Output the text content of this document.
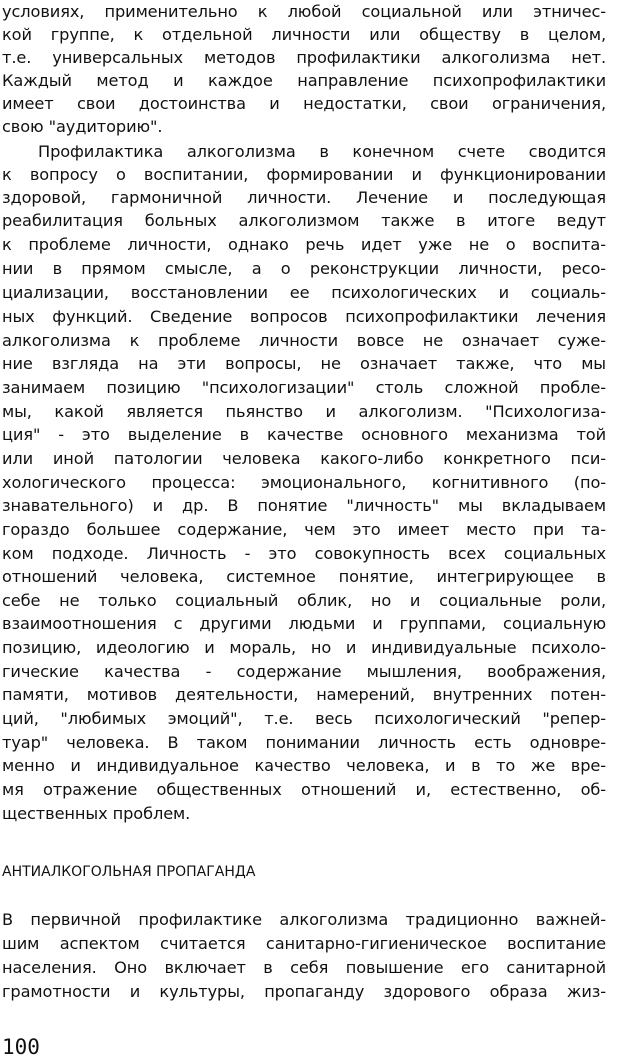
условиях, применительно к любой социальной или этничес-
кой группе, к отдельной личности или обществу в целом,
т.е. универсальных методов профилактики алкоголизма нет.
Каждый метод и каждое направление психопрофилактики
имеет свои достоинства и недостатки, свои ограничения,
свою "аудиторию".
Профилактика алкоголизма в конечном счете сводится
к вопросу о воспитании, формировании и функционировании
здоровой, гармоничной личности. Лечение и последующая
реабилитация больных алкоголизмом также в итоге ведут
к проблеме личности, однако речь идет уже не о воспита-
нии в прямом смысле, а о реконструкции личности, ресо-
циализации, восстановлении ее психологических и социаль-
ных функций. Сведение вопросов психопрофилактики лечения
алкоголизма к проблеме личности вовсе не означает суже-
ние взгляда на эти вопросы, не означает также, что мы
занимаем позицию "психологизации" столь сложной пробле-
мы, какой является пьянство и алкоголизм. "Психологиза-
ция" - это выделение в качестве основного механизма той
или иной патологии человека какого-либо конкретного пси-
хологического процесса: эмоционального, когнитивного (по-
знавательного) и др. В понятие "личность" мы вкладываем
гораздо большее содержание, чем это имеет место при та-
ком подходе. Личность - это совокупность всех социальных
отношений человека, системное понятие, интегрирующее в
себе не только социальный облик, но и социальные роли,
взаимоотношения с другими людьми и группами, социальную
позицию, идеологию и мораль, но и индивидуальные психоло-
гические качества - содержание мышления, воображения,
памяти, мотивов деятельности, намерений, внутренних потен-
ций, "любимых эмоций", т.е. весь психологический "репер-
туар" человека. В таком понимании личность есть одновре-
менно и индивидуальное качество человека, и в то же вре-
мя отражение общественных отношений и, естественно, об-
щественных проблем.
АНТИАЛКОГОЛЬНАЯ ПРОПАГАНДА
В первичной профилактике алкоголизма традиционно важней-
шим аспектом считается санитарно-гигиеническое воспитание
населения. Оно включает в себя повышение его санитарной
грамотности и культуры, пропаганду здорового образа жиз-
100
